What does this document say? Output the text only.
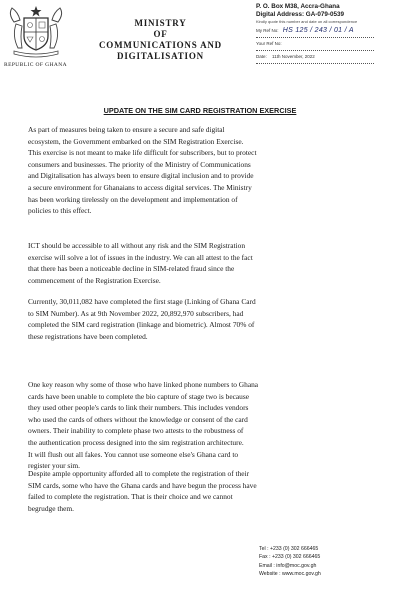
REPUBLIC OF GHANA
MINISTRY
OF
COMMUNICATIONS AND
DIGITALISATION
P. O. Box M38, Accra-Ghana
Digital Address: GA-079-0539
Kindly quote this number and date on all correspondence
My Ref No: HS 125 / 243 / 01 / A
Your Ref No:
Date: 11th November, 2022
UPDATE ON THE SIM CARD REGISTRATION EXERCISE
As part of measures being taken to ensure a secure and safe digital
ecosystem, the Government embarked on the SIM Registration Exercise.
This exercise is not meant to make life difficult for subscribers, but to protect
consumers and businesses. The priority of the Ministry of Communications
and Digitalisation has always been to ensure digital inclusion and to provide
a secure environment for Ghanaians to access digital services. The Ministry
has been working tirelessly on the development and implementation of
policies to this effect.
ICT should be accessible to all without any risk and the SIM Registration
exercise will solve a lot of issues in the industry. We can all attest to the fact
that there has been a noticeable decline in SIM-related fraud since the
commencement of the Registration Exercise.
Currently, 30,011,082 have completed the first stage (Linking of Ghana Card
to SIM Number). As at 9th November 2022, 20,892,970 subscribers, had
completed the SIM card registration (linkage and biometric). Almost 70% of
these registrations have been completed.
One key reason why some of those who have linked phone numbers to Ghana
cards have been unable to complete the bio capture of stage two is because
they used other people's cards to link their numbers. This includes vendors
who used the cards of others without the knowledge or consent of the card
owners. Their inability to complete phase two attests to the robustness of
the authentication process designed into the sim registration architecture.
It will flush out all fakes. You cannot use someone else's Ghana card to
register your sim.
Despite ample opportunity afforded all to complete the registration of their
SIM cards, some who have the Ghana cards and have begun the process have
failed to complete the registration. That is their choice and we cannot
begrudge them.
Tel : +233 (0) 302 666465
Fax : +233 (0) 302 666465
Email : info@moc.gov.gh
Website : www.moc.gov.gh
